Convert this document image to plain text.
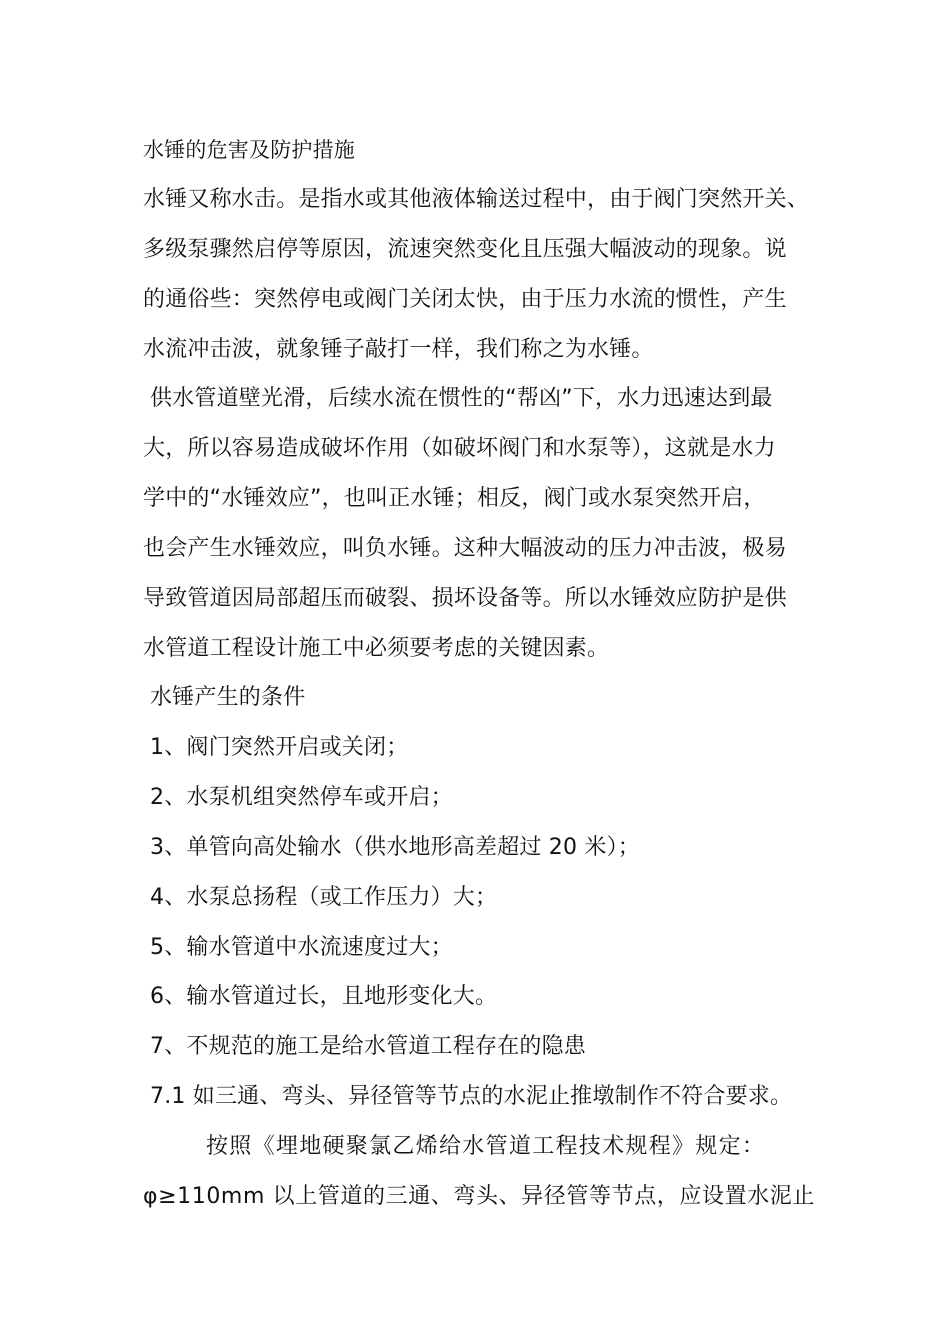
水锤的危害及防护措施
水锤又称水击。是指水或其他液体输送过程中，由于阀门突然开关、
多级泵骤然启停等原因，流速突然变化且压强大幅波动的现象。说
的通俗些：突然停电或阀门关闭太快，由于压力水流的惯性，产生
水流冲击波，就象锤子敲打一样，我们称之为水锤。
供水管道壁光滑，后续水流在惯性的“帮凶”下，水力迅速达到最
大，所以容易造成破坏作用（如破坏阀门和水泵等），这就是水力
学中的“水锤效应”，也叫正水锤；相反，阀门或水泵突然开启，
也会产生水锤效应，叫负水锤。这种大幅波动的压力冲击波，极易
导致管道因局部超压而破裂、损坏设备等。所以水锤效应防护是供
水管道工程设计施工中必须要考虑的关键因素。
水锤产生的条件
1、阀门突然开启或关闭；
2、水泵机组突然停车或开启；
3、单管向高处输水（供水地形高差超过 20 米）；
4、水泵总扬程（或工作压力）大；
5、输水管道中水流速度过大；
6、输水管道过长，且地形变化大。
7、不规范的施工是给水管道工程存在的隐患
7.1 如三通、弯头、异径管等节点的水泥止推墩制作不符合要求。
按照《埋地硬聚氯乙烯给水管道工程技术规程》规定：
φ≥110mm 以上管道的三通、弯头、异径管等节点，应设置水泥止
